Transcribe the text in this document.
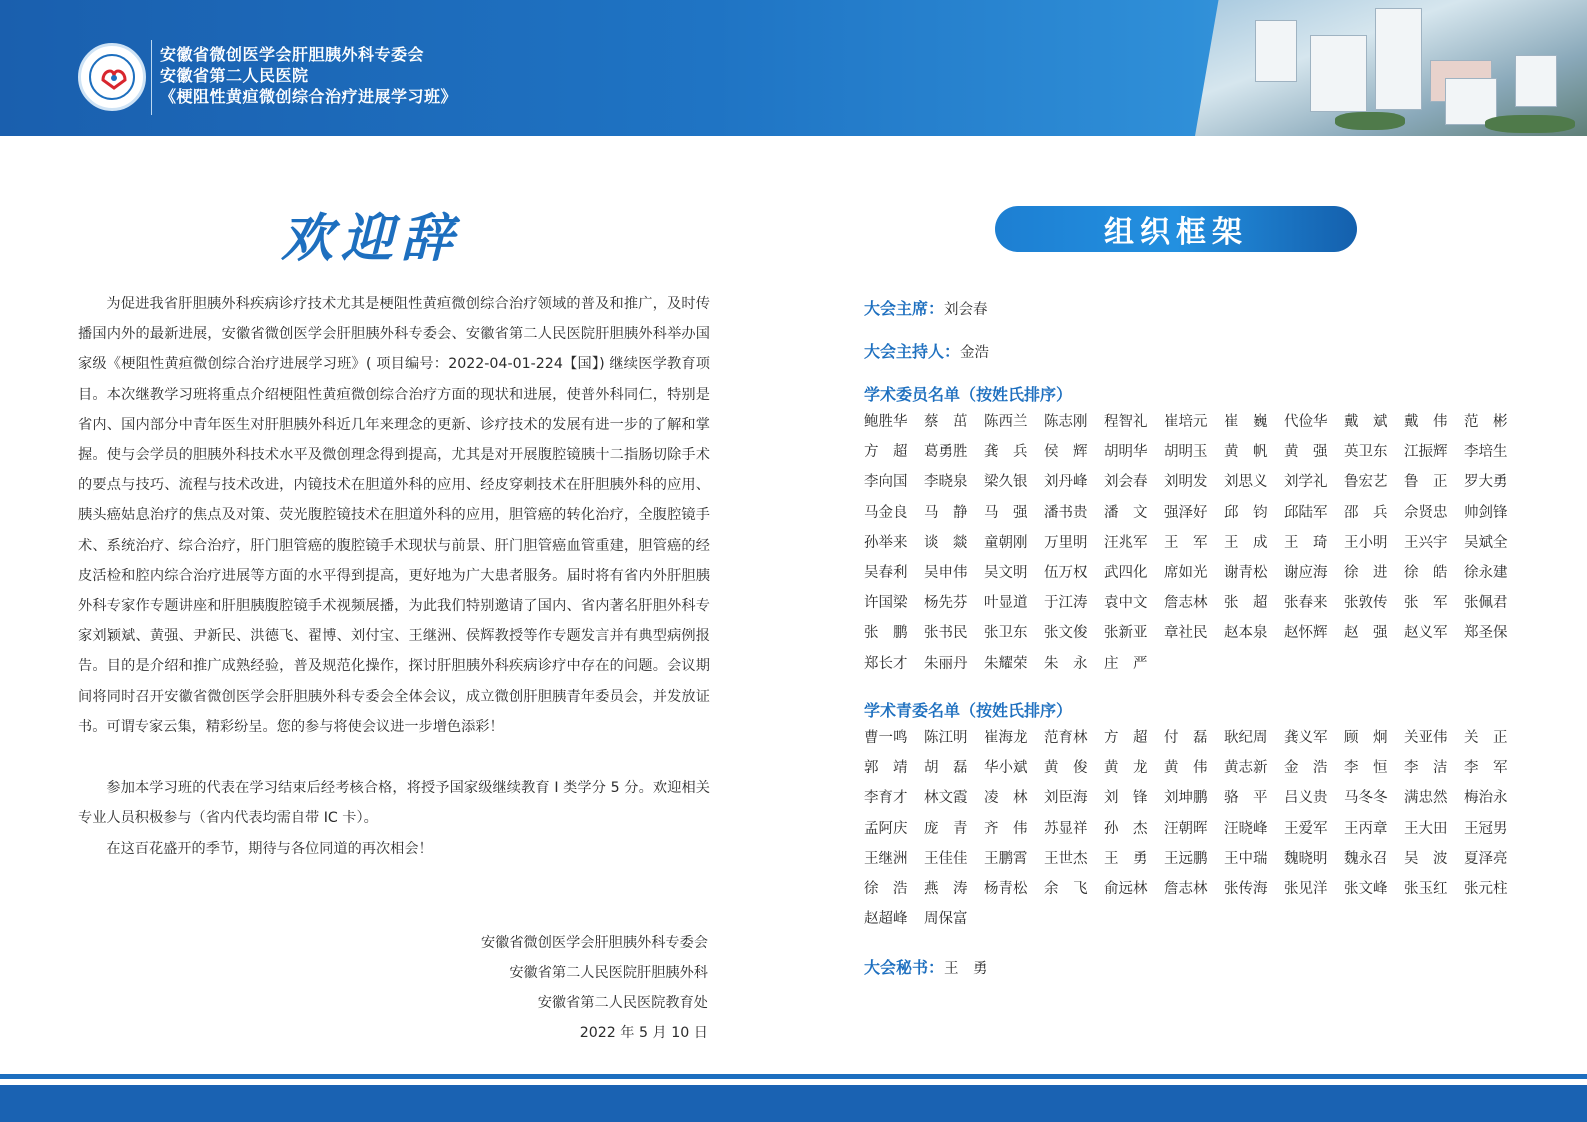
安徽省微创医学会肝胆胰外科专委会
安徽省第二人民医院
《梗阻性黄疸微创综合治疗进展学习班》
欢迎辞

为促进我省肝胆胰外科疾病诊疗技术尤其是梗阻性黄疸微创综合治疗领域的普及和推广，及时传播国内外的最新进展，安徽省微创医学会肝胆胰外科专委会、安徽省第二人民医院肝胆胰外科举办国家级《梗阻性黄疸微创综合治疗进展学习班》( 项目编号：2022-04-01-224【国】) 继续医学教育项目。本次继教学习班将重点介绍梗阻性黄疸微创综合治疗方面的现状和进展，使普外科同仁，特别是省内、国内部分中青年医生对肝胆胰外科近几年来理念的更新、诊疗技术的发展有进一步的了解和掌握。使与会学员的胆胰外科技术水平及微创理念得到提高，尤其是对开展腹腔镜胰十二指肠切除手术的要点与技巧、流程与技术改进，内镜技术在胆道外科的应用、经皮穿刺技术在肝胆胰外科的应用、胰头癌姑息治疗的焦点及对策、荧光腹腔镜技术在胆道外科的应用，胆管癌的转化治疗，全腹腔镜手术、系统治疗、综合治疗，肝门胆管癌的腹腔镜手术现状与前景、肝门胆管癌血管重建，胆管癌的经皮活检和腔内综合治疗进展等方面的水平得到提高，更好地为广大患者服务。届时将有省内外肝胆胰外科专家作专题讲座和肝胆胰腹腔镜手术视频展播，为此我们特别邀请了国内、省内著名肝胆外科专家刘颖斌、黄强、尹新民、洪德飞、翟博、刘付宝、王继洲、侯辉教授等作专题发言并有典型病例报告。目的是介绍和推广成熟经验，普及规范化操作，探讨肝胆胰外科疾病诊疗中存在的问题。会议期间将同时召开安徽省微创医学会肝胆胰外科专委会全体会议，成立微创肝胆胰青年委员会，并发放证书。可谓专家云集，精彩纷呈。您的参与将使会议进一步增色添彩！

参加本学习班的代表在学习结束后经考核合格，将授予国家级继续教育 I 类学分 5 分。欢迎相关专业人员积极参与（省内代表均需自带 IC 卡）。

在这百花盛开的季节，期待与各位同道的再次相会！

安徽省微创医学会肝胆胰外科专委会
安徽省第二人民医院肝胆胰外科
安徽省第二人民医院教育处
2022 年 5 月 10 日
组织框架
大会主席：刘会春
大会主持人：金浩
学术委员名单（按姓氏排序）
鲍胜华	蔡　茁	陈西兰	陈志刚	程智礼	崔培元	崔　巍	代俭华	戴　斌	戴　伟	范　彬
方　超	葛勇胜	龚　兵	侯　辉	胡明华	胡明玉	黄　帆	黄　强	英卫东	江振辉	李培生
李向国	李晓泉	梁久银	刘丹峰	刘会春	刘明发	刘思义	刘学礼	鲁宏艺	鲁　正	罗大勇
马金良	马　静	马　强	潘书贵	潘　文	强泽好	邱　钧	邱陆军	邵　兵	佘贤忠	帅剑锋
孙举来	谈　燚	童朝刚	万里明	汪兆军	王　军	王　成	王　琦	王小明	王兴宇	吴斌全
吴春利	吴申伟	吴文明	伍万权	武四化	席如光	谢青松	谢应海	徐　进	徐　皓	徐永建
许国梁	杨先芬	叶显道	于江涛	袁中文	詹志林	张　超	张春来	张敦传	张　军	张佩君
张　鹏	张书民	张卫东	张文俊	张新亚	章社民	赵本泉	赵怀辉	赵　强	赵义军	郑圣保
郑长才	朱丽丹	朱耀荣	朱　永	庄　严
学术青委名单（按姓氏排序）
曹一鸣	陈江明	崔海龙	范育林	方　超	付　磊	耿纪周	龚义军	顾　炯	关亚伟	关　正
郭　靖	胡　磊	华小斌	黄　俊	黄　龙	黄　伟	黄志新	金　浩	李　恒	李　洁	李　军
李育才	林文霞	凌　林	刘臣海	刘　锋	刘坤鹏	骆　平	吕义贵	马冬冬	满忠然	梅治永
孟阿庆	庞　青	齐　伟	苏显祥	孙　杰	汪朝晖	汪晓峰	王爱军	王丙章	王大田	王冠男
王继洲	王佳佳	王鹏霄	王世杰	王　勇	王远鹏	王中瑞	魏晓明	魏永召	吴　波	夏泽亮
徐　浩	燕　涛	杨青松	余　飞	俞远林	詹志林	张传海	张见洋	张文峰	张玉红	张元柱
赵超峰	周保富
大会秘书：王　勇
